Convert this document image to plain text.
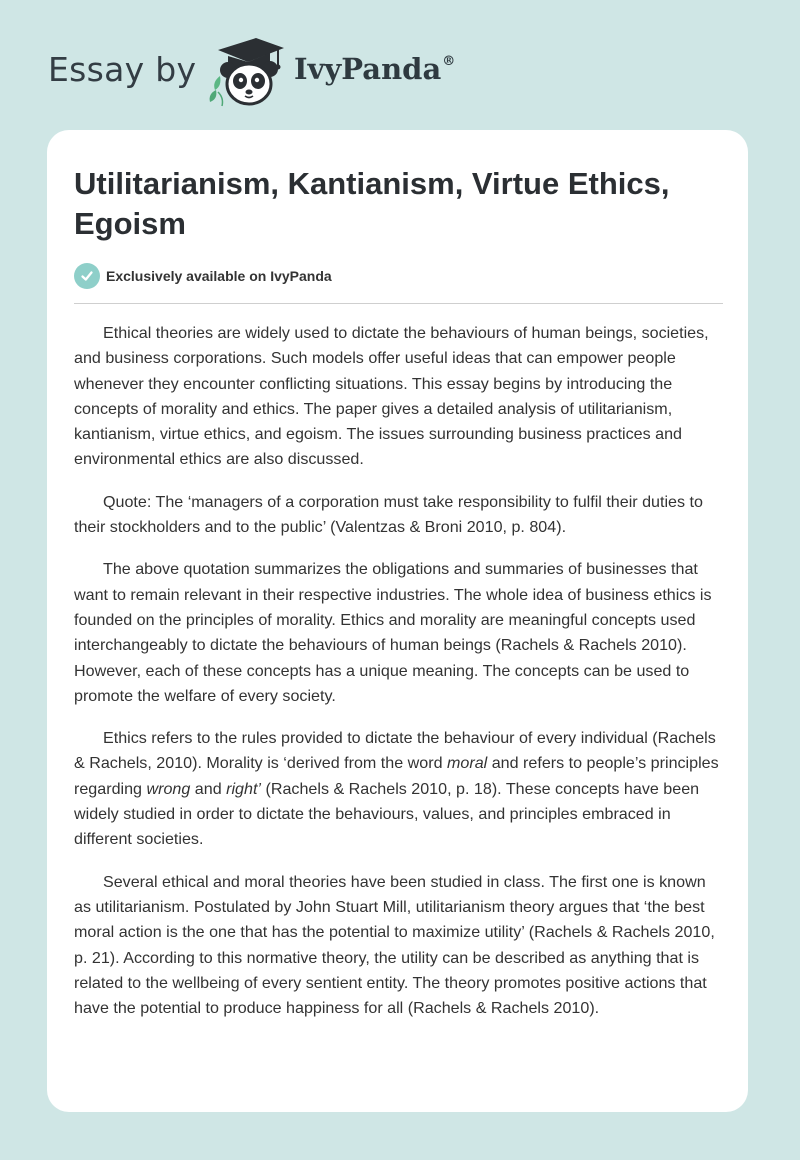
Essay by	IvyPanda®
Utilitarianism, Kantianism, Virtue Ethics, Egoism
Exclusively available on IvyPanda

Ethical theories are widely used to dictate the behaviours of human beings, societies, and business corporations. Such models offer useful ideas that can empower people whenever they encounter conflicting situations. This essay begins by introducing the concepts of morality and ethics. The paper gives a detailed analysis of utilitarianism, kantianism, virtue ethics, and egoism. The issues surrounding business practices and environmental ethics are also discussed.

Quote: The ‘managers of a corporation must take responsibility to fulfil their duties to their stockholders and to the public’ (Valentzas & Broni 2010, p. 804).

The above quotation summarizes the obligations and summaries of businesses that want to remain relevant in their respective industries. The whole idea of business ethics is founded on the principles of morality. Ethics and morality are meaningful concepts used interchangeably to dictate the behaviours of human beings (Rachels & Rachels 2010). However, each of these concepts has a unique meaning. The concepts can be used to promote the welfare of every society.

Ethics refers to the rules provided to dictate the behaviour of every individual (Rachels & Rachels, 2010). Morality is ‘derived from the word moral and refers to people’s principles regarding wrong and right’ (Rachels & Rachels 2010, p. 18). These concepts have been widely studied in order to dictate the behaviours, values, and principles embraced in different societies.

Several ethical and moral theories have been studied in class. The first one is known as utilitarianism. Postulated by John Stuart Mill, utilitarianism theory argues that ‘the best moral action is the one that has the potential to maximize utility’ (Rachels & Rachels 2010, p. 21). According to this normative theory, the utility can be described as anything that is related to the wellbeing of every sentient entity. The theory promotes positive actions that have the potential to produce happiness for all (Rachels & Rachels 2010).
